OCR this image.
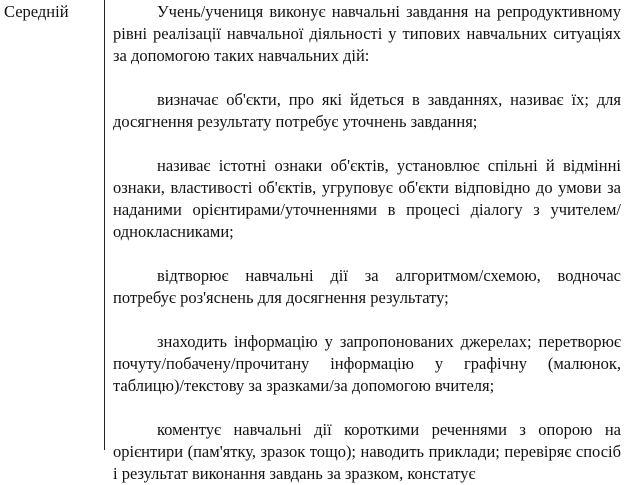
Середній	Учень/учениця виконує навчальні завдання на репродуктивному рівні реалізації навчальної діяльності у типових навчальних ситуаціях за допомогою таких навчальних дій:

визначає об'єкти, про які йдеться в завданнях, називає їх; для досягнення результату потребує уточнень завдання;

називає істотні ознаки об'єктів, установлює спільні й відмінні ознаки, властивості об'єктів, угруповує об'єкти відповідно до умови за наданими орієнтирами/уточненнями в процесі діалогу з учителем/однокласниками;

відтворює навчальні дії за алгоритмом/схемою, водночас потребує роз'яснень для досягнення результату;

знаходить інформацію у запропонованих джерелах; перетворює почуту/побачену/прочитану інформацію у графічну (малюнок, таблицю)/текстову за зразками/за допомогою вчителя;

коментує навчальні дії короткими реченнями з опорою на орієнтири (пам'ятку, зразок тощо); наводить приклади; перевіряє спосіб і результат виконання завдань за зразком, констатує
